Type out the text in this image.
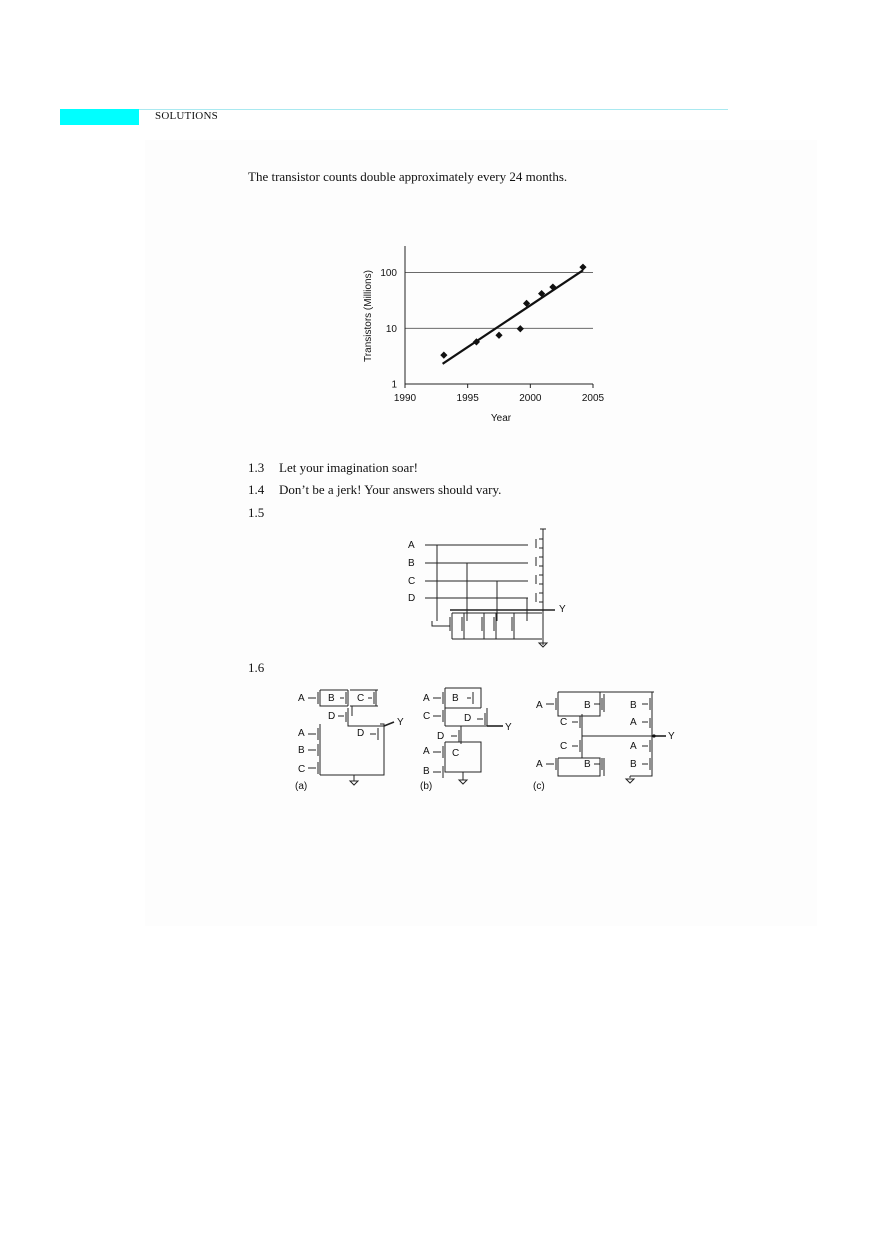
SOLUTIONS
The transistor counts double approximately every 24 months.
1
10
100
1990	1995	2000	2005
Year
Transistors (Millions)
1.3 Let your imagination soar!
1.4 Don’t be a jerk! Your answers should vary.
1.5
1.6
A
B
C
D
Y
A B C
D
A	D
B
C
Y
(a)
A B
C	D
D
A C
B
Y
(b)
A	B	B
C	A
C	A
A	B	B
Y
(c)
